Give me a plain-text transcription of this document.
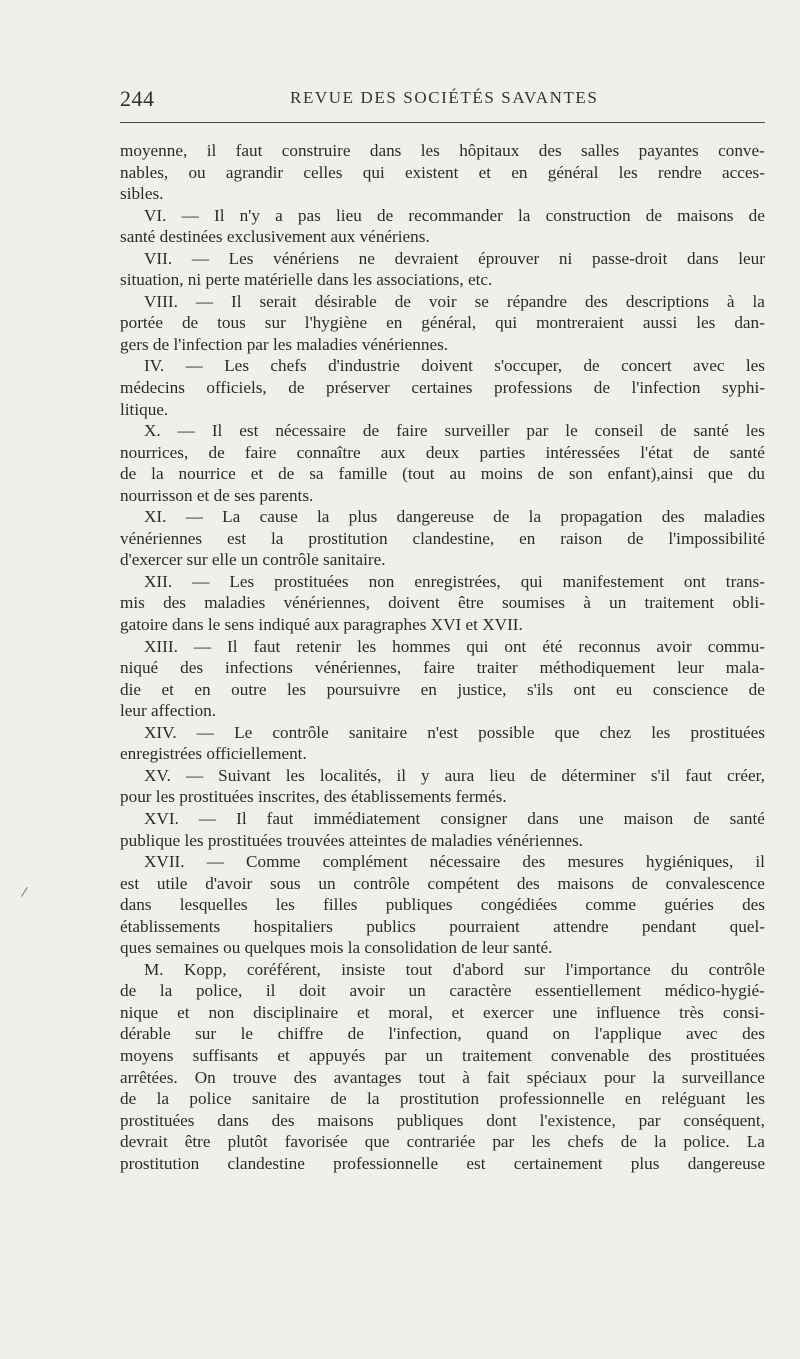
244	REVUE DES SOCIÉTÉS SAVANTES
/
moyenne, il faut construire dans les hôpitaux des salles payantes conve-
nables, ou agrandir celles qui existent et en général les rendre acces-
sibles.
VI. — Il n'y a pas lieu de recommander la construction de maisons de
santé destinées exclusivement aux vénériens.
VII. — Les vénériens ne devraient éprouver ni passe-droit dans leur
situation, ni perte matérielle dans les associations, etc.
VIII. — Il serait désirable de voir se répandre des descriptions à la
portée de tous sur l'hygiène en général, qui montreraient aussi les dan-
gers de l'infection par les maladies vénériennes.
IV. — Les chefs d'industrie doivent s'occuper, de concert avec les
médecins officiels, de préserver certaines professions de l'infection syphi-
litique.
X. — Il est nécessaire de faire surveiller par le conseil de santé les
nourrices, de faire connaître aux deux parties intéressées l'état de santé
de la nourrice et de sa famille (tout au moins de son enfant),ainsi que du
nourrisson et de ses parents.
XI. — La cause la plus dangereuse de la propagation des maladies
vénériennes est la prostitution clandestine, en raison de l'impossibilité
d'exercer sur elle un contrôle sanitaire.
XII. — Les prostituées non enregistrées, qui manifestement ont trans-
mis des maladies vénériennes, doivent être soumises à un traitement obli-
gatoire dans le sens indiqué aux paragraphes XVI et XVII.
XIII. — Il faut retenir les hommes qui ont été reconnus avoir commu-
niqué des infections vénériennes, faire traiter méthodiquement leur mala-
die et en outre les poursuivre en justice, s'ils ont eu conscience de
leur affection.
XIV. — Le contrôle sanitaire n'est possible que chez les prostituées
enregistrées officiellement.
XV. — Suivant les localités, il y aura lieu de déterminer s'il faut créer,
pour les prostituées inscrites, des établissements fermés.
XVI. — Il faut immédiatement consigner dans une maison de santé
publique les prostituées trouvées atteintes de maladies vénériennes.
XVII. — Comme complément nécessaire des mesures hygiéniques, il
est utile d'avoir sous un contrôle compétent des maisons de convalescence
dans lesquelles les filles publiques congédiées comme guéries des
établissements hospitaliers publics pourraient attendre pendant quel-
ques semaines ou quelques mois la consolidation de leur santé.
M. Kopp, coréférent, insiste tout d'abord sur l'importance du contrôle
de la police, il doit avoir un caractère essentiellement médico-hygié-
nique et non disciplinaire et moral, et exercer une influence très consi-
dérable sur le chiffre de l'infection, quand on l'applique avec des
moyens suffisants et appuyés par un traitement convenable des prostituées
arrêtées. On trouve des avantages tout à fait spéciaux pour la surveillance
de la police sanitaire de la prostitution professionnelle en reléguant les
prostituées dans des maisons publiques dont l'existence, par conséquent,
devrait être plutôt favorisée que contrariée par les chefs de la police. La
prostitution clandestine professionnelle est certainement plus dangereuse
